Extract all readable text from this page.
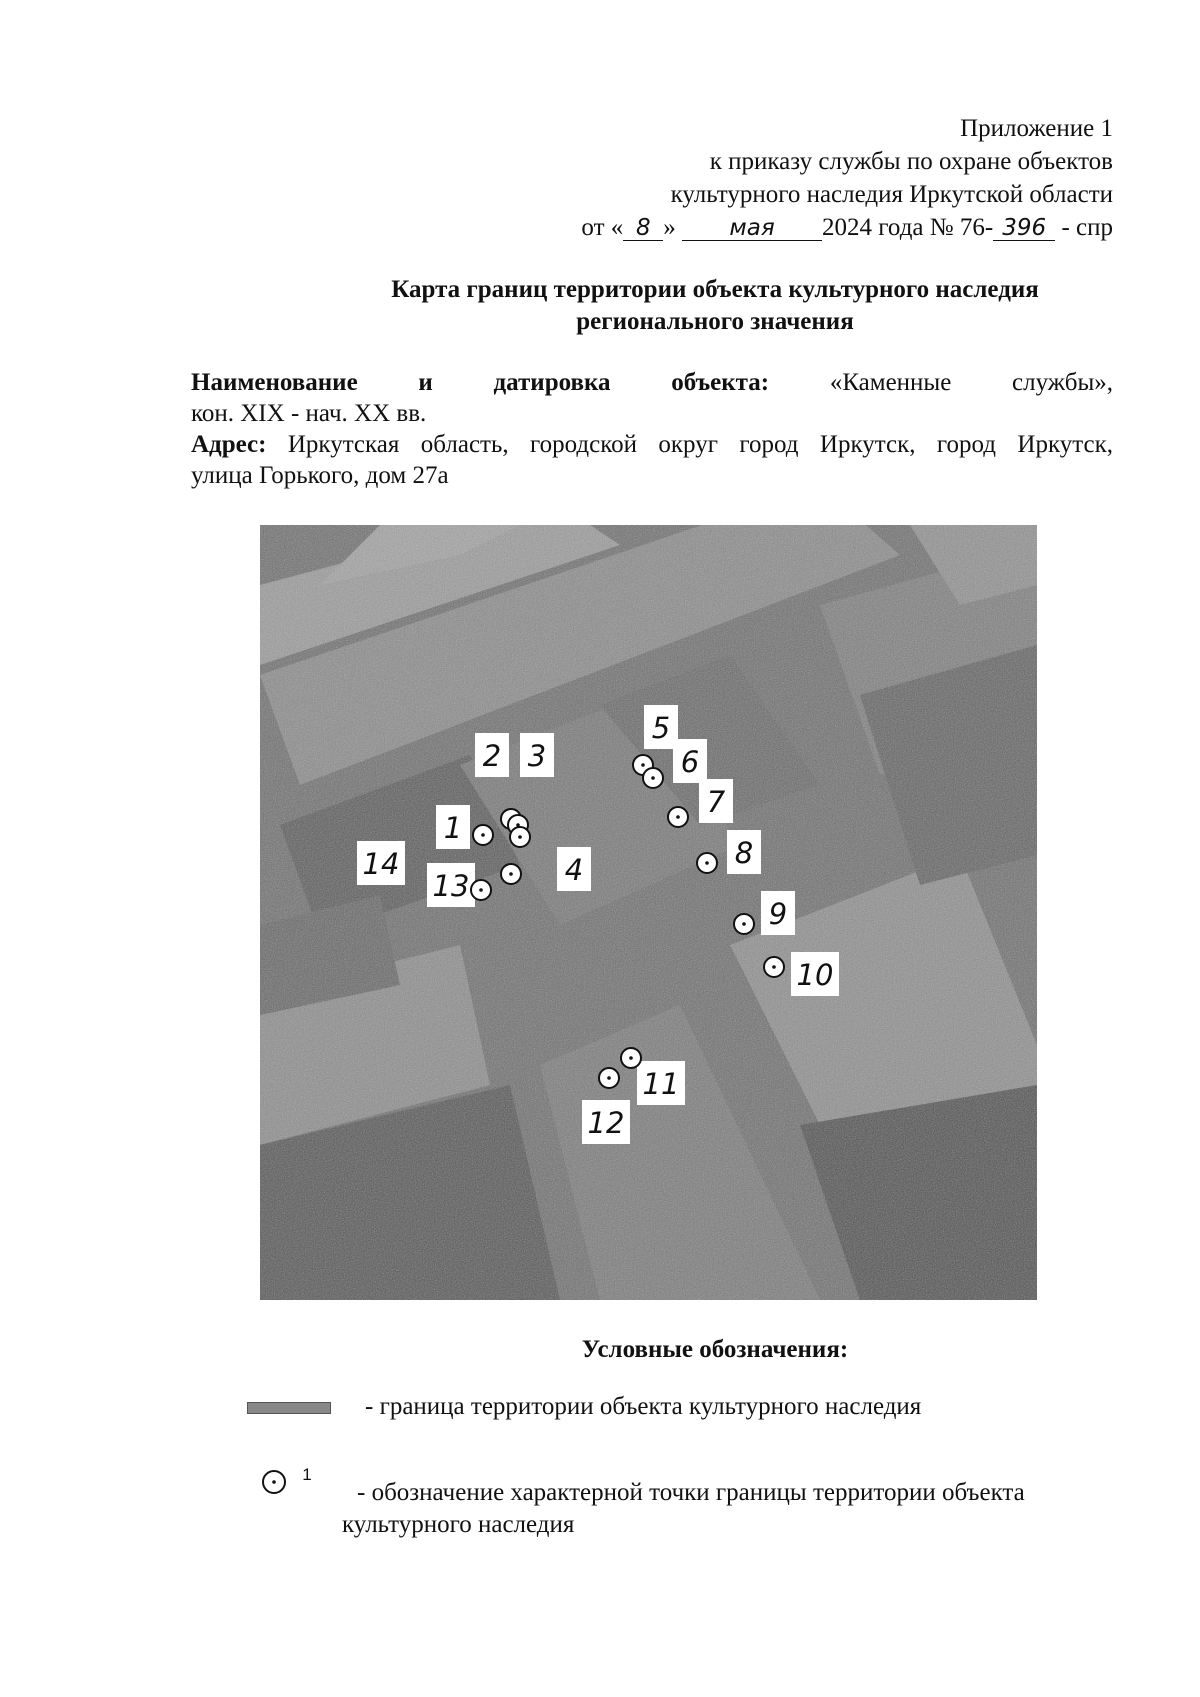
Приложение 1
к приказу службы по охране объектов
культурного наследия Иркутской области
от « 8 » мая 2024 года № 76- 396 - спр
Карта границ территории объекта культурного наследия
регионального значения
Наименование и датировка объекта: «Каменные службы»,
кон. XIX - нач. XX вв.
Адрес: Иркутская область, городской округ город Иркутск, город Иркутск,
улица Горького, дом 27а
1
2 3
4
5
6
7
8
9
10
11
12
13
14
Условные обозначения:
- граница территории объекта культурного наследия
1
- обозначение характерной точки границы территории объекта
культурного наследия
